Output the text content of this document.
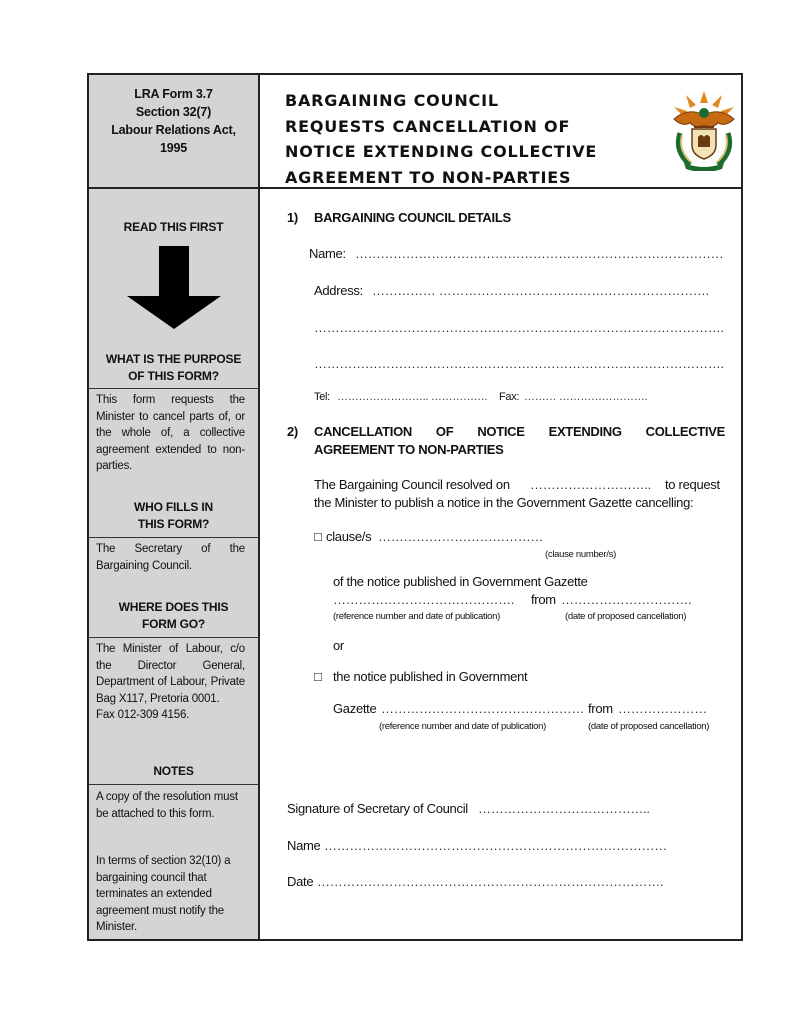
LRA Form 3.7
Section 32(7)
Labour Relations Act,
1995
READ THIS FIRST
WHAT IS THE PURPOSE
OF THIS FORM?
This form requests the Minister to cancel parts of, or the whole of, a collective agreement extended to non-parties.
WHO FILLS IN
THIS FORM?
The Secretary of the Bargaining Council.
WHERE DOES THIS
FORM GO?
The Minister of Labour, c/o the Director General, Department of Labour, Private Bag X117, Pretoria 0001.
Fax 012-309 4156.
NOTES
A copy of the resolution must be attached to this form.
In terms of section 32(10) a bargaining council that terminates an extended agreement must notify the Minister.
BARGAINING COUNCIL
REQUESTS CANCELLATION OF
NOTICE EXTENDING COLLECTIVE
AGREEMENT TO NON-PARTIES
1) BARGAINING COUNCIL DETAILS
Name: ……………………………………………………………………………
Address: …………… ……………………………………………………….
…………………………………………………………………………………….
…………………………………………………………………………………….
Tel: …………………….. ……………. Fax: ……… …………………….
2) CANCELLATION OF NOTICE EXTENDING COLLECTIVE
AGREEMENT TO NON-PARTIES
The Bargaining Council resolved on ……………………….. to request
the Minister to publish a notice in the Government Gazette cancelling:
□ clause/s …………………………………
(clause number/s)
of the notice published in Government Gazette
……………………………………. from ………………………….
(reference number and date of publication)	(date of proposed cancellation)
or
□ the notice published in Government
Gazette ………………………………………… from …………………
(reference number and date of publication)	(date of proposed cancellation)
Signature of Secretary of Council …………………………………..
Name ………………………………………………………………………
Date ……………………………………………………………………….
